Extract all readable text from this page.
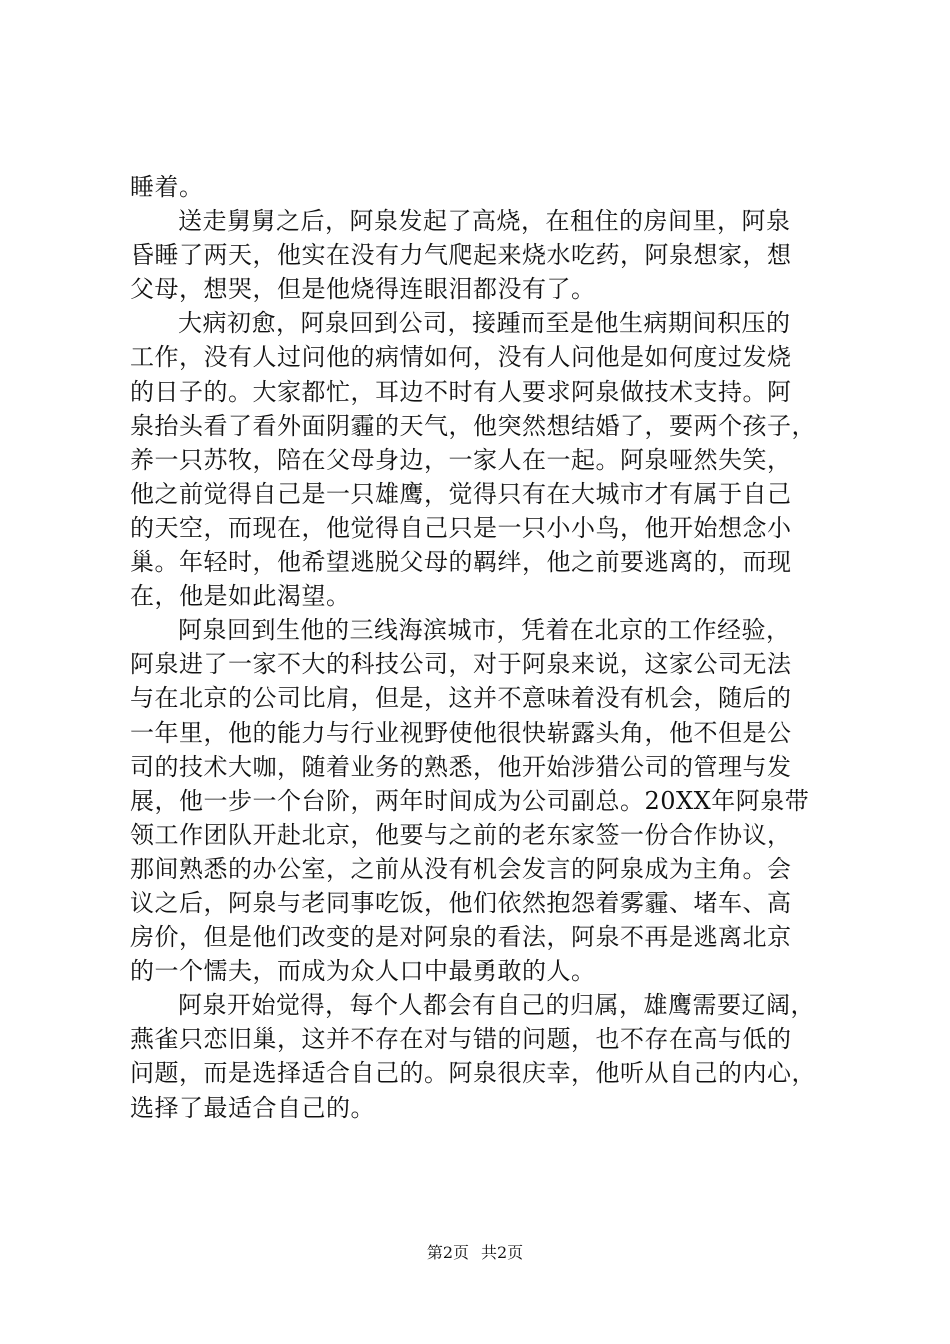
睡着。
送走舅舅之后，阿泉发起了高烧，在租住的房间里，阿泉
昏睡了两天，他实在没有力气爬起来烧水吃药，阿泉想家，想
父母，想哭，但是他烧得连眼泪都没有了。
大病初愈，阿泉回到公司，接踵而至是他生病期间积压的
工作，没有人过问他的病情如何，没有人问他是如何度过发烧
的日子的。大家都忙，耳边不时有人要求阿泉做技术支持。阿
泉抬头看了看外面阴霾的天气，他突然想结婚了，要两个孩子，
养一只苏牧，陪在父母身边，一家人在一起。阿泉哑然失笑，
他之前觉得自己是一只雄鹰，觉得只有在大城市才有属于自己
的天空，而现在，他觉得自己只是一只小小鸟，他开始想念小
巢。年轻时，他希望逃脱父母的羁绊，他之前要逃离的，而现
在，他是如此渴望。
阿泉回到生他的三线海滨城市，凭着在北京的工作经验，
阿泉进了一家不大的科技公司，对于阿泉来说，这家公司无法
与在北京的公司比肩，但是，这并不意味着没有机会，随后的
一年里，他的能力与行业视野使他很快崭露头角，他不但是公
司的技术大咖，随着业务的熟悉，他开始涉猎公司的管理与发
展，他一步一个台阶，两年时间成为公司副总。20XX年阿泉带
领工作团队开赴北京，他要与之前的老东家签一份合作协议，
那间熟悉的办公室，之前从没有机会发言的阿泉成为主角。会
议之后，阿泉与老同事吃饭，他们依然抱怨着雾霾、堵车、高
房价，但是他们改变的是对阿泉的看法，阿泉不再是逃离北京
的一个懦夫，而成为众人口中最勇敢的人。
阿泉开始觉得，每个人都会有自己的归属，雄鹰需要辽阔，
燕雀只恋旧巢，这并不存在对与错的问题，也不存在高与低的
问题，而是选择适合自己的。阿泉很庆幸，他听从自己的内心，
选择了最适合自己的。
第2页 共2页
